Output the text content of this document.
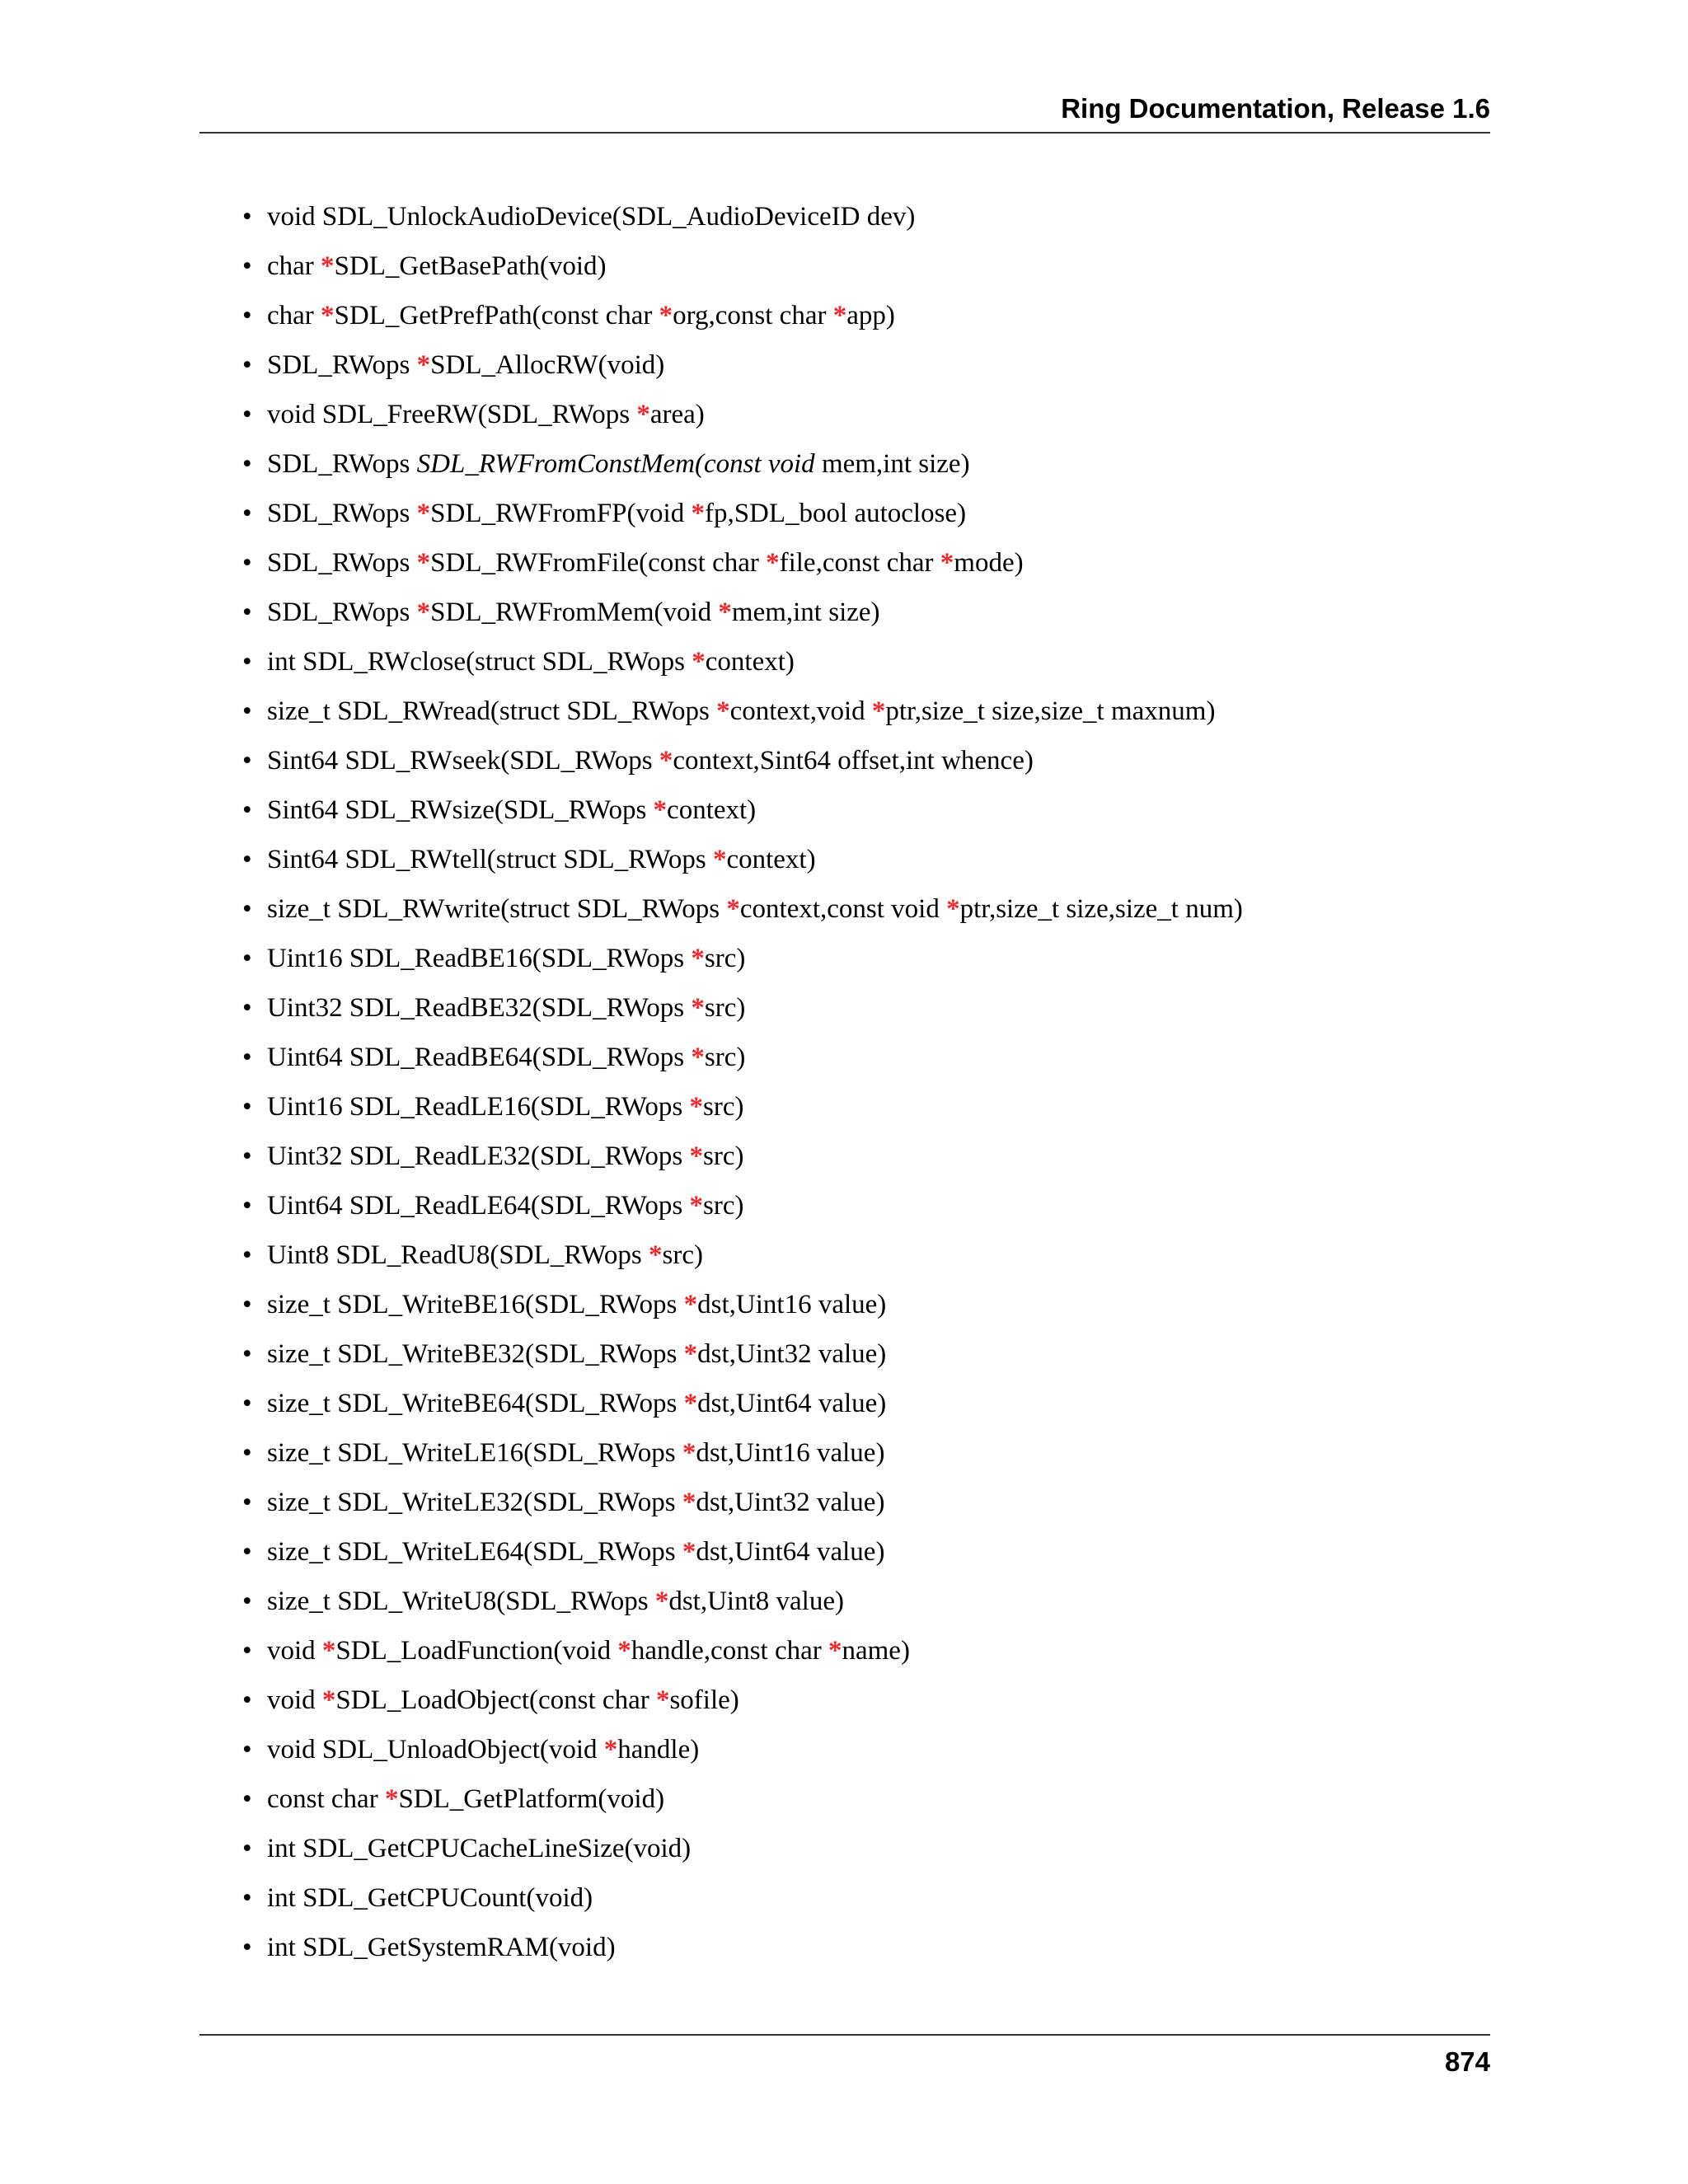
Ring Documentation, Release 1.6
• void SDL_UnlockAudioDevice(SDL_AudioDeviceID dev)
• char *SDL_GetBasePath(void)
• char *SDL_GetPrefPath(const char *org,const char *app)
• SDL_RWops *SDL_AllocRW(void)
• void SDL_FreeRW(SDL_RWops *area)
• SDL_RWops SDL_RWFromConstMem(const void mem,int size)
• SDL_RWops *SDL_RWFromFP(void *fp,SDL_bool autoclose)
• SDL_RWops *SDL_RWFromFile(const char *file,const char *mode)
• SDL_RWops *SDL_RWFromMem(void *mem,int size)
• int SDL_RWclose(struct SDL_RWops *context)
• size_t SDL_RWread(struct SDL_RWops *context,void *ptr,size_t size,size_t maxnum)
• Sint64 SDL_RWseek(SDL_RWops *context,Sint64 offset,int whence)
• Sint64 SDL_RWsize(SDL_RWops *context)
• Sint64 SDL_RWtell(struct SDL_RWops *context)
• size_t SDL_RWwrite(struct SDL_RWops *context,const void *ptr,size_t size,size_t num)
• Uint16 SDL_ReadBE16(SDL_RWops *src)
• Uint32 SDL_ReadBE32(SDL_RWops *src)
• Uint64 SDL_ReadBE64(SDL_RWops *src)
• Uint16 SDL_ReadLE16(SDL_RWops *src)
• Uint32 SDL_ReadLE32(SDL_RWops *src)
• Uint64 SDL_ReadLE64(SDL_RWops *src)
• Uint8 SDL_ReadU8(SDL_RWops *src)
• size_t SDL_WriteBE16(SDL_RWops *dst,Uint16 value)
• size_t SDL_WriteBE32(SDL_RWops *dst,Uint32 value)
• size_t SDL_WriteBE64(SDL_RWops *dst,Uint64 value)
• size_t SDL_WriteLE16(SDL_RWops *dst,Uint16 value)
• size_t SDL_WriteLE32(SDL_RWops *dst,Uint32 value)
• size_t SDL_WriteLE64(SDL_RWops *dst,Uint64 value)
• size_t SDL_WriteU8(SDL_RWops *dst,Uint8 value)
• void *SDL_LoadFunction(void *handle,const char *name)
• void *SDL_LoadObject(const char *sofile)
• void SDL_UnloadObject(void *handle)
• const char *SDL_GetPlatform(void)
• int SDL_GetCPUCacheLineSize(void)
• int SDL_GetCPUCount(void)
• int SDL_GetSystemRAM(void)
874
